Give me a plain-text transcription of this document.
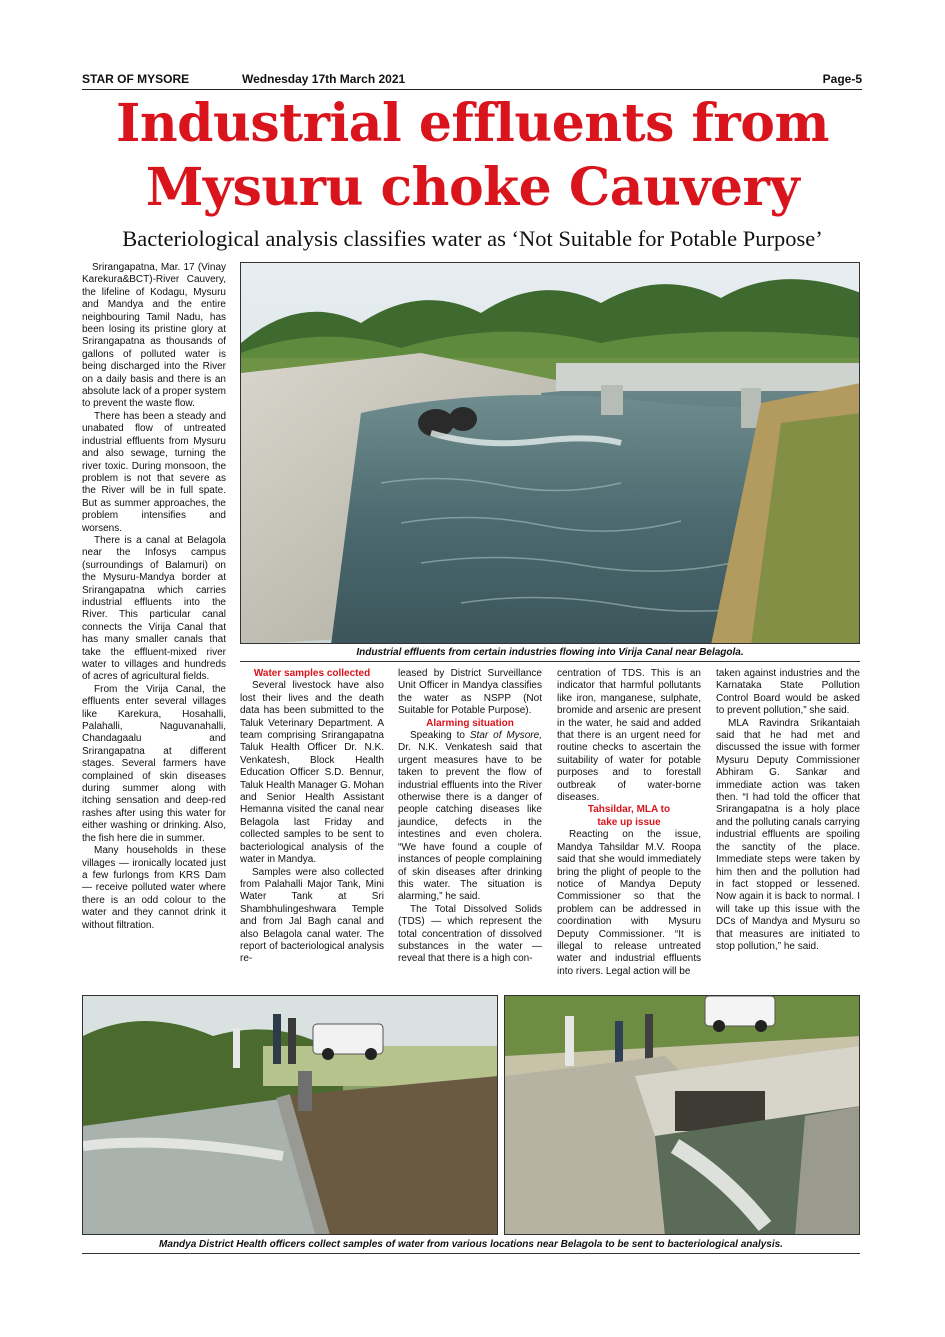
STAR OF MYSORE	Wednesday 17th March 2021	Page-5
Industrial effluents from
Mysuru choke Cauvery
Bacteriological analysis classifies water as ‘Not Suitable for Potable Purpose’

Srirangapatna, Mar. 17 (Vinay Karekura&BCT)-River Cauvery, the lifeline of Kodagu, Mysuru and Mandya and the entire neighbouring Tamil Nadu, has been losing its pristine glory at Srirangapatna as thousands of gallons of polluted water is being discharged into the River on a daily basis and there is an absolute lack of a proper system to prevent the waste flow.

There has been a steady and unabated flow of untreated industrial effluents from Mysuru and also sewage, turning the river toxic. During monsoon, the problem is not that severe as the River will be in full spate. But as summer approaches, the problem intensifies and worsens.

There is a canal at Belagola near the Infosys campus (surroundings of Balamuri) on the Mysuru-Mandya border at Srirangapatna which carries industrial effluents into the River. This particular canal connects the Virija Canal that has many smaller canals that take the effluent-mixed river water to villages and hundreds of acres of agricultural fields.

From the Virija Canal, the effluents enter several villages like Karekura, Hosahalli, Palahalli, Naguvanahalli, Chandagaalu and Srirangapatna at different stages. Several farmers have complained of skin diseases during summer along with itching sensation and deep-red rashes after using this water for either washing or drinking. Also, the fish here die in summer.

Many households in these villages — ironically located just a few furlongs from KRS Dam — receive polluted water where there is an odd colour to the water and they cannot drink it without filtration.

Industrial effluents from certain industries flowing into Virija Canal near Belagola.
Water samples collected

Several livestock have also lost their lives and the death data has been submitted to the Taluk Veterinary Department. A team comprising Srirangapatna Taluk Health Officer Dr. N.K. Venkatesh, Block Health Education Officer S.D. Bennur, Taluk Health Manager G. Mohan and Senior Health Assistant Hemanna visited the canal near Belagola last Friday and collected samples to be sent to bacteriological analysis of the water in Mandya.

Samples were also collected from Palahalli Major Tank, Mini Water Tank at Sri Shambhulingeshwara Temple and from Jal Bagh canal and also Belagola canal water. The report of bacteriological analysis re-

leased by District Surveillance Unit Officer in Mandya classifies the water as NSPP (Not Suitable for Potable Purpose).

Alarming situation

Speaking to Star of Mysore, Dr. N.K. Venkatesh said that urgent measures have to be taken to prevent the flow of industrial effluents into the River otherwise there is a danger of people catching diseases like jaundice, defects in the intestines and even cholera. “We have found a couple of instances of people complaining of skin diseases after drinking this water. The situation is alarming,” he said.

The Total Dissolved Solids (TDS) — which represent the total concentration of dissolved substances in the water — reveal that there is a high con-

centration of TDS. This is an indicator that harmful pollutants like iron, manganese, sulphate, bromide and arsenic are present in the water, he said and added that there is an urgent need for routine checks to ascertain the suitability of water for potable purposes and to forestall outbreak of water-borne diseases.

Tahsildar, MLA to
take up issue

Reacting on the issue, Mandya Tahsildar M.V. Roopa said that she would immediately bring the plight of people to the notice of Mandya Deputy Commissioner so that the problem can be addressed in coordination with Mysuru Deputy Commissioner. “It is illegal to release untreated water and industrial effluents into rivers. Legal action will be

taken against industries and the Karnataka State Pollution Control Board would be asked to prevent pollution,” she said.

MLA Ravindra Srikantaiah said that he had met and discussed the issue with former Mysuru Deputy Commissioner Abhiram G. Sankar and immediate action was taken then. “I had told the officer that Srirangapatna is a holy place and the polluting canals carrying industrial effluents are spoiling the sanctity of the place. Immediate steps were taken by him then and the pollution had in fact stopped or lessened. Now again it is back to normal. I will take up this issue with the DCs of Mandya and Mysuru so that measures are initiated to stop pollution,” he said.

Mandya District Health officers collect samples of water from various locations near Belagola to be sent to bacteriological analysis.
